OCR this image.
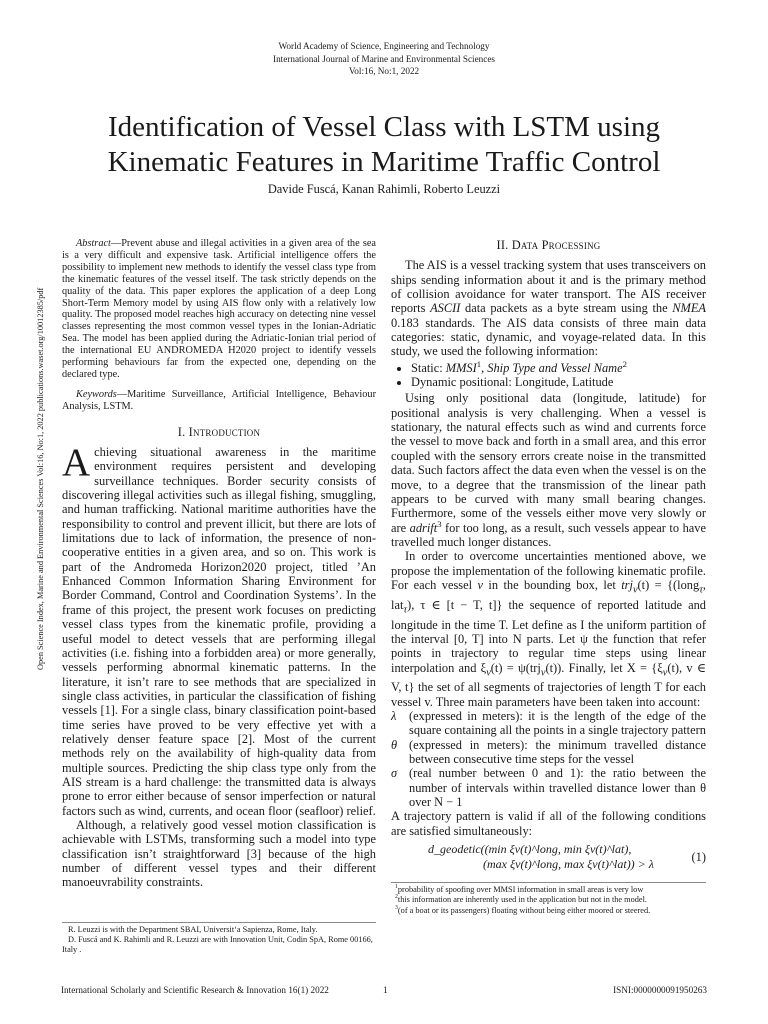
World Academy of Science, Engineering and Technology
International Journal of Marine and Environmental Sciences
Vol:16, No:1, 2022
Identification of Vessel Class with LSTM using
Kinematic Features in Maritime Traffic Control
Davide Fuscá, Kanan Rahimli, Roberto Leuzzi
Open Science Index, Marine and Environmental Sciences Vol:16, No:1, 2022 publications.waset.org/10012385/pdf

Abstract—Prevent abuse and illegal activities in a given area of the sea is a very difficult and expensive task. Artificial intelligence offers the possibility to implement new methods to identify the vessel class type from the kinematic features of the vessel itself. The task strictly depends on the quality of the data. This paper explores the application of a deep Long Short-Term Memory model by using AIS flow only with a relatively low quality. The proposed model reaches high accuracy on detecting nine vessel classes representing the most common vessel types in the Ionian-Adriatic Sea. The model has been applied during the Adriatic-Ionian trial period of the international EU ANDROMEDA H2020 project to identify vessels performing behaviours far from the expected one, depending on the declared type.

Keywords—Maritime Surveillance, Artificial Intelligence, Behaviour Analysis, LSTM.

I. Introduction

Achieving situational awareness in the maritime environment requires persistent and developing surveillance techniques. Border security consists of discovering illegal activities such as illegal fishing, smuggling, and human trafficking. National maritime authorities have the responsibility to control and prevent illicit, but there are lots of limitations due to lack of information, the presence of non-cooperative entities in a given area, and so on. This work is part of the Andromeda Horizon2020 project, titled ’An Enhanced Common Information Sharing Environment for Border Command, Control and Coordination Systems’. In the frame of this project, the present work focuses on predicting vessel class types from the kinematic profile, providing a useful model to detect vessels that are performing illegal activities (i.e. fishing into a forbidden area) or more generally, vessels performing abnormal kinematic patterns. In the literature, it isn’t rare to see methods that are specialized in single class activities, in particular the classification of fishing vessels [1]. For a single class, binary classification point-based time series have proved to be very effective yet with a relatively denser feature space [2]. Most of the current methods rely on the availability of high-quality data from multiple sources. Predicting the ship class type only from the AIS stream is a hard challenge: the transmitted data is always prone to error either because of sensor imperfection or natural factors such as wind, currents, and ocean floor (seafloor) relief.

Although, a relatively good vessel motion classification is achievable with LSTMs, transforming such a model into type classification isn’t straightforward [3] because of the high number of different vessel types and their different manoeuvrability constraints.

R. Leuzzi is with the Department SBAI, Universit‘a Sapienza, Rome, Italy.

D. Fuscá and K. Rahimli and R. Leuzzi are with Innovation Unit, Codin SpA, Rome 00166, Italy .

II. Data Processing

The AIS is a vessel tracking system that uses transceivers on ships sending information about it and is the primary method of collision avoidance for water transport. The AIS receiver reports ASCII data packets as a byte stream using the NMEA 0.183 standards. The AIS data consists of three main data categories: static, dynamic, and voyage-related data. In this study, we used the following information:

• Static: MMSI$^1$, Ship Type and Vessel Name$^2$
• Dynamic positional: Longitude, Latitude

Using only positional data (longitude, latitude) for positional analysis is very challenging. When a vessel is stationary, the natural effects such as wind and currents force the vessel to move back and forth in a small area, and this error coupled with the sensory errors create noise in the transmitted data. Such factors affect the data even when the vessel is on the move, to a degree that the transmission of the linear path appears to be curved with many small bearing changes. Furthermore, some of the vessels either move very slowly or are adrift$^3$ for too long, as a result, such vessels appear to have travelled much longer distances.

In order to overcome uncertainties mentioned above, we propose the implementation of the following kinematic profile. For each vessel v in the bounding box, let trj$_v$(t) = {(long$_\tau$, lat$_\tau$), τ ∈ [t − T, t]} the sequence of reported latitude and longitude in the time T. Let define as I the uniform partition of the interval [0, T] into N parts. Let ψ the function that refer points in trajectory to regular time steps using linear interpolation and $\xi_v(t) = \psi(trj_v(t))$. Finally, let $X = \{\xi_v(t)$, v ∈ V, t} the set of all segments of trajectories of length T for each vessel v. Three main parameters have been taken into account:

λ	(expressed in meters): it is the length of the edge of the square containing all the points in a single trajectory pattern
θ (expressed in meters): the minimum travelled distance between consecutive time steps for the vessel
σ (real number between 0 and 1): the ratio between the number of intervals within travelled distance lower than θ over N − 1

A trajectory pattern is valid if all of the following conditions are satisfied simultaneously:

d_geodetic((min ξv(t)^long, min ξv(t)^lat),
(max ξv(t)^long, max ξv(t)^lat)) > λ	(1)

$^1$probability of spoofing over MMSI information in small areas is very low

$^2$this information are inherently used in the application but not in the model.

$^3$(of a boat or its passengers) floating without being either moored or steered.

International Scholarly and Scientific Research & Innovation 16(1) 2022	1	ISNI:0000000091950263
